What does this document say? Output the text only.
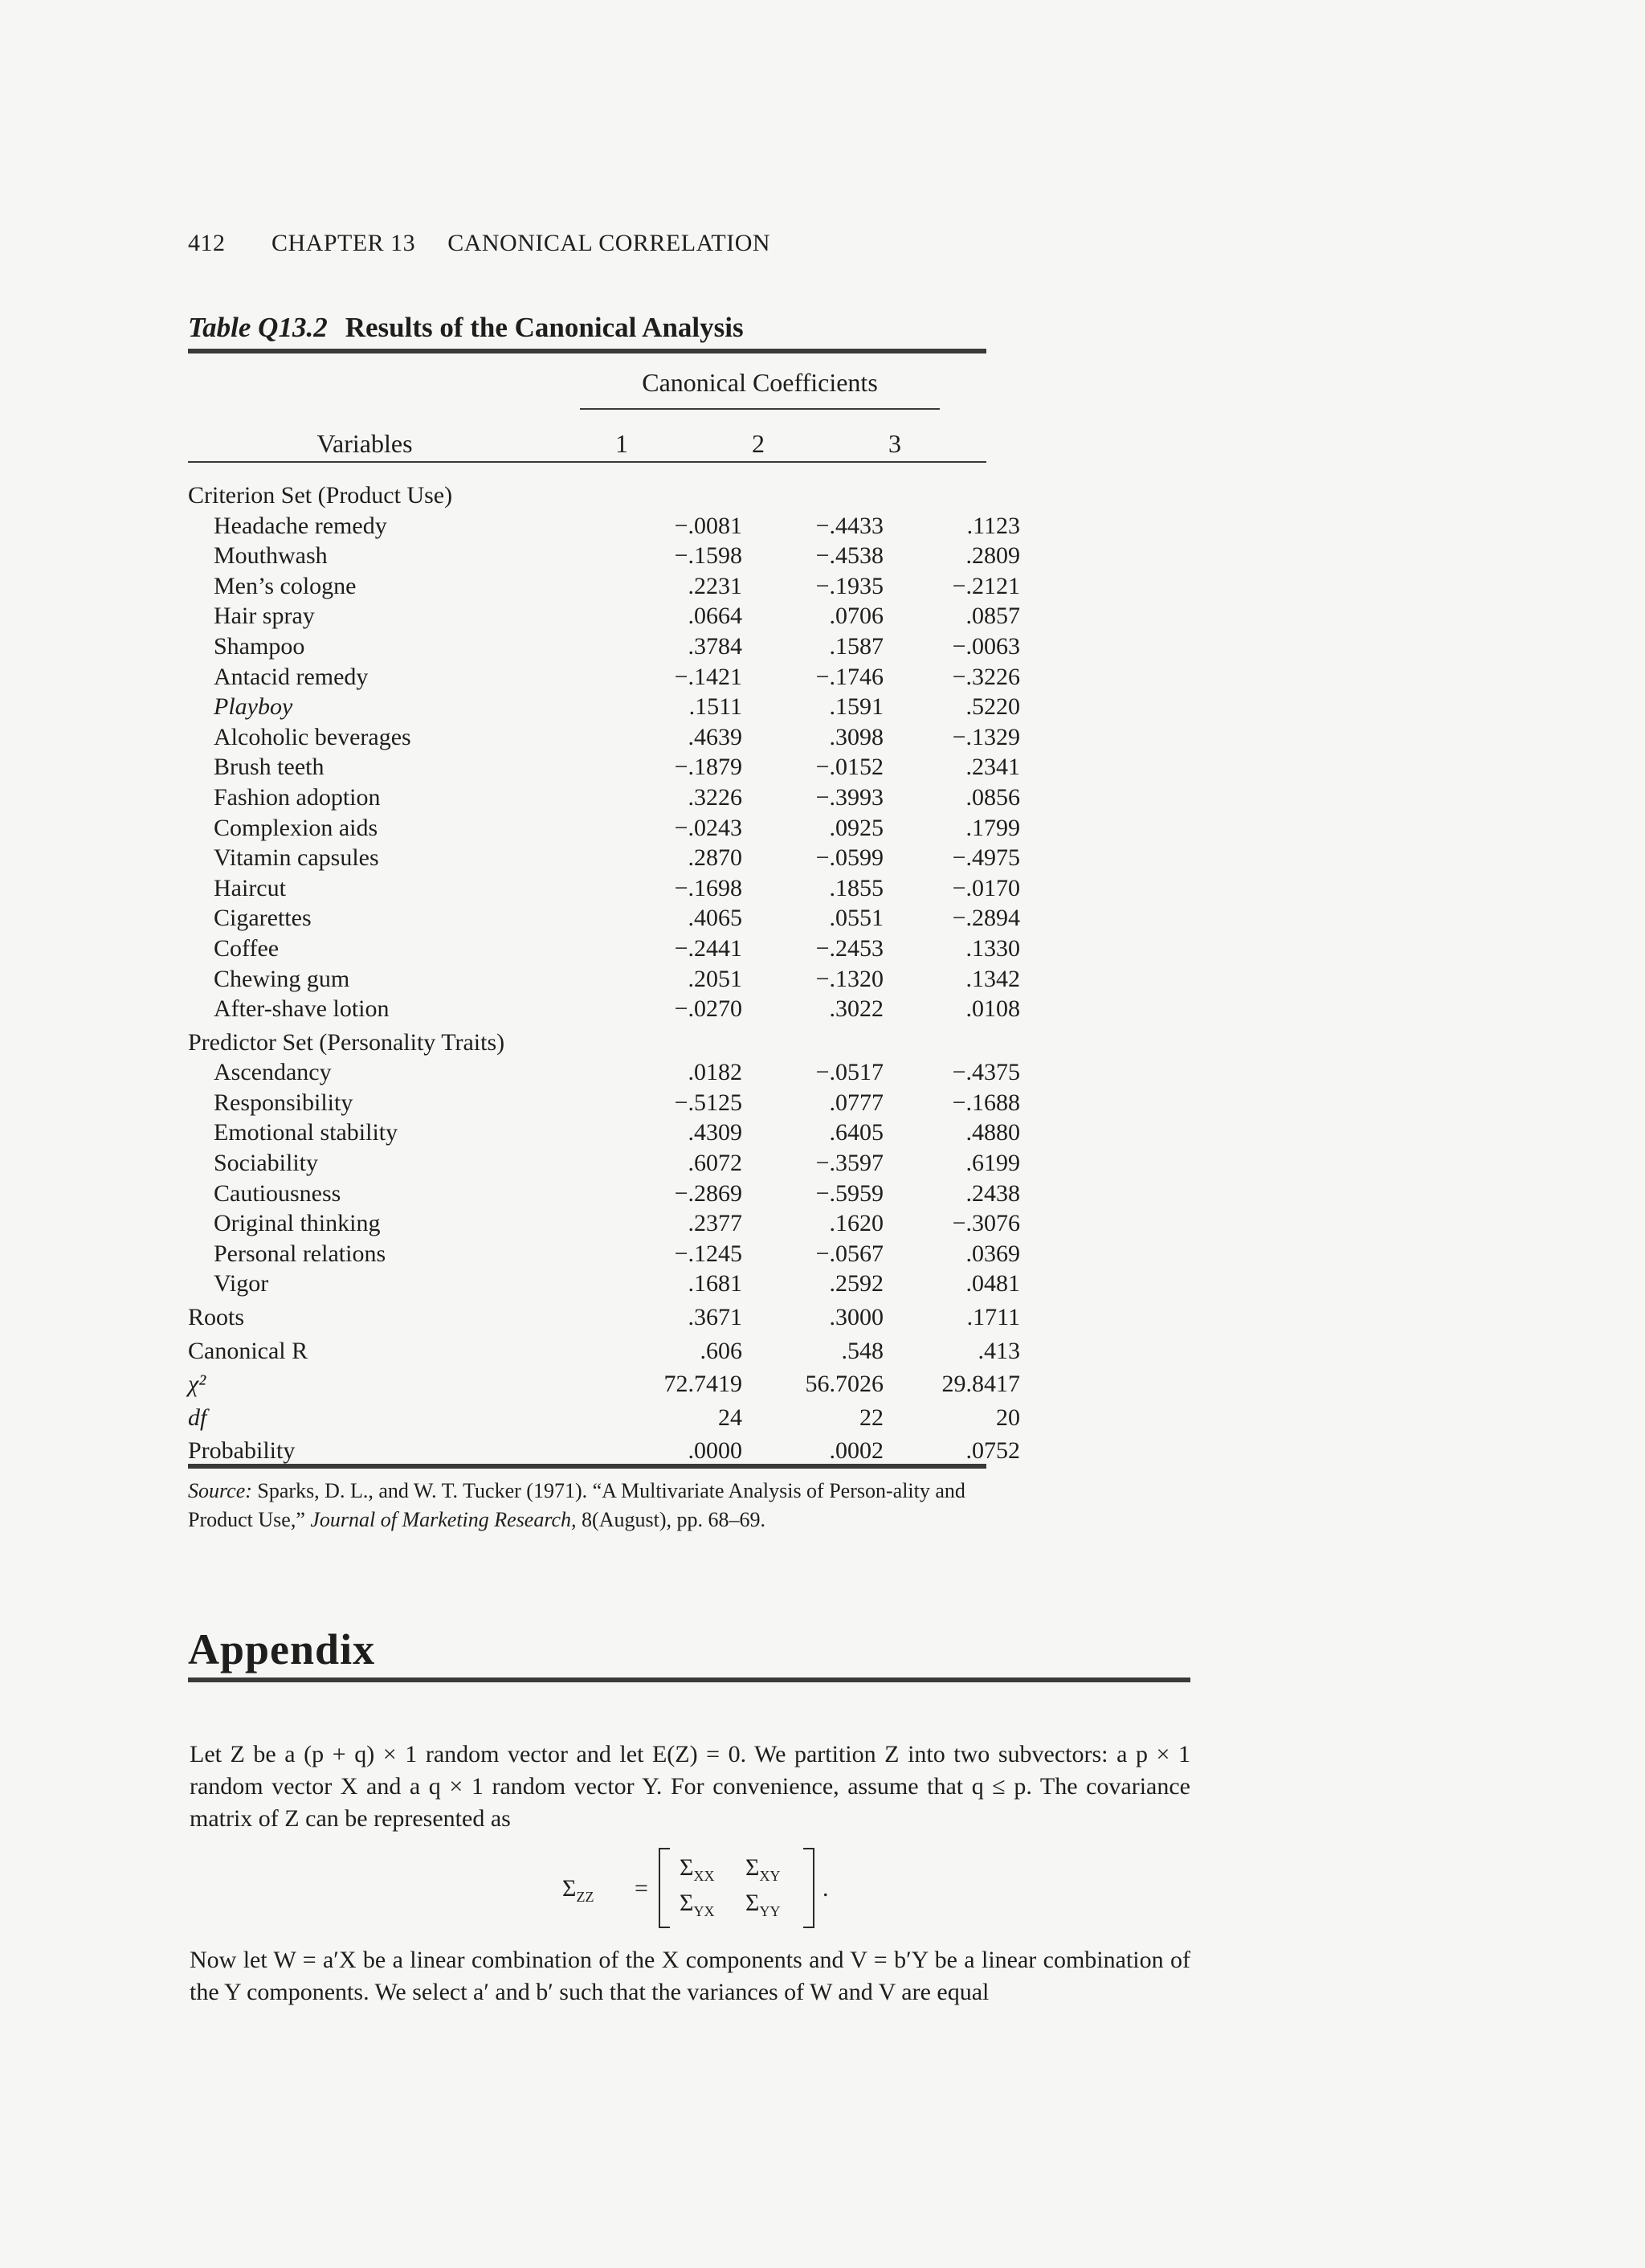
412 CHAPTER 13 CANONICAL CORRELATION
Table Q13.2 Results of the Canonical Analysis
Canonical Coefficients
Variables	1	2	3
Criterion Set (Product Use)
Headache remedy	−.0081	−.4433	.1123
Mouthwash	−.1598	−.4538	.2809
Men’s cologne	.2231	−.1935	−.2121
Hair spray	.0664	.0706	.0857
Shampoo	.3784	.1587	−.0063
Antacid remedy	−.1421	−.1746	−.3226
Playboy	.1511	.1591	.5220
Alcoholic beverages	.4639	.3098	−.1329
Brush teeth	−.1879	−.0152	.2341
Fashion adoption	.3226	−.3993	.0856
Complexion aids	−.0243	.0925	.1799
Vitamin capsules	.2870	−.0599	−.4975
Haircut	−.1698	.1855	−.0170
Cigarettes	.4065	.0551	−.2894
Coffee	−.2441	−.2453	.1330
Chewing gum	.2051	−.1320	.1342
After-shave lotion	−.0270	.3022	.0108
Predictor Set (Personality Traits)
Ascendancy	.0182	−.0517	−.4375
Responsibility	−.5125	.0777	−.1688
Emotional stability	.4309	.6405	.4880
Sociability	.6072	−.3597	.6199
Cautiousness	−.2869	−.5959	.2438
Original thinking	.2377	.1620	−.3076
Personal relations	−.1245	−.0567	.0369
Vigor	.1681	.2592	.0481
Roots	.3671	.3000	.1711
Canonical R	.606	.548	.413
χ²	72.7419	56.7026	29.8417
df	24	22	20
Probability	.0000	.0002	.0752
Source: Sparks, D. L., and W. T. Tucker (1971). “A Multivariate Analysis of Person-ality and Product Use,” Journal of Marketing Research, 8(August), pp. 68–69.
Appendix
Let Z be a (p + q) × 1 random vector and let E(Z) = 0. We partition Z into two subvectors: a p × 1 random vector X and a q × 1 random vector Y. For convenience, assume that q ≤ p. The covariance matrix of Z can be represented as
$\Sigma_{ZZ}$ =
$\Sigma_{XX}$ $\Sigma_{XY}$
$\Sigma_{YX}$ $\Sigma_{YY}$
.
Now let W = a′X be a linear combination of the X components and V = b′Y be a linear combination of the Y components. We select a′ and b′ such that the variances of W and V are equal
